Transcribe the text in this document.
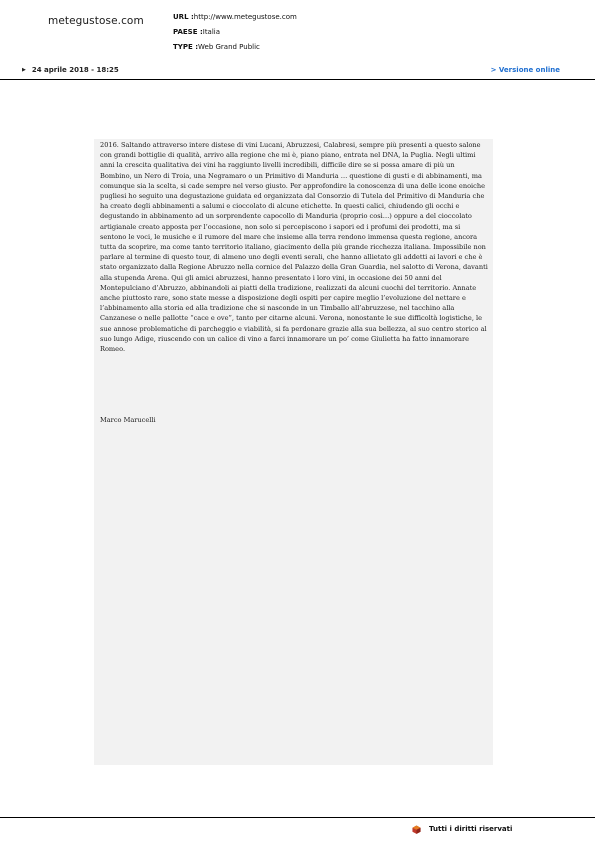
metegustose.com	URL :http://www.metegustose.com
PAESE :Italia
TYPE :Web Grand Public
▶ 24 aprile 2018 - 18:25	> Versione online

2016. Saltando attraverso intere distese di vini Lucani, Abruzzesi, Calabresi, sempre più presenti a questo salone con grandi bottiglie di qualità, arrivo alla regione che mi è, piano piano, entrata nel DNA, la Puglia. Negli ultimi anni la crescita qualitativa dei vini ha raggiunto livelli incredibili, difficile dire se si possa amare di più un Bombino, un Nero di Troia, una Negramaro o un Primitivo di Manduria … questione di gusti e di abbinamenti, ma comunque sia la scelta, si cade sempre nel verso giusto. Per approfondire la conoscenza di una delle icone enoiche pugliesi ho seguito una degustazione guidata ed organizzata dal Consorzio di Tutela del Primitivo di Manduria che ha creato degli abbinamenti a salumi e cioccolato di alcune etichette. In questi calici, chiudendo gli occhi e degustando in abbinamento ad un sorprendente capocollo di Manduria (proprio così…) oppure a del cioccolato artigianale creato apposta per l’occasione, non solo si percepiscono i sapori ed i profumi dei prodotti, ma si sentono le voci, le musiche e il rumore del mare che insieme alla terra rendono immensa questa regione, ancora tutta da scoprire, ma come tanto territorio italiano, giacimento della più grande ricchezza italiana. Impossibile non parlare al termine di questo tour, di almeno uno degli eventi serali, che hanno allietato gli addetti ai lavori e che è stato organizzato dalla Regione Abruzzo nella cornice del Palazzo della Gran Guardia, nel salotto di Verona, davanti alla stupenda Arena. Qui gli amici abruzzesi, hanno presentato i loro vini, in occasione dei 50 anni del Montepulciano d’Abruzzo, abbinandoli ai piatti della tradizione, realizzati da alcuni cuochi del territorio. Annate anche piuttosto rare, sono state messe a disposizione degli ospiti per capire meglio l’evoluzione del nettare e l’abbinamento alla storia ed alla tradizione che si nasconde in un Timballo all’abruzzese, nel tacchino alla Canzanese o nelle pallotte “cace e ove”, tanto per citarne alcuni. Verona, nonostante le sue difficoltà logistiche, le sue annose problematiche di parcheggio e viabilità, si fa perdonare grazie alla sua bellezza, al suo centro storico al suo lungo Adige, riuscendo con un calice di vino a farci innamorare un po’ come Giulietta ha fatto innamorare Romeo.

Marco Marucelli

Tutti i diritti riservati
